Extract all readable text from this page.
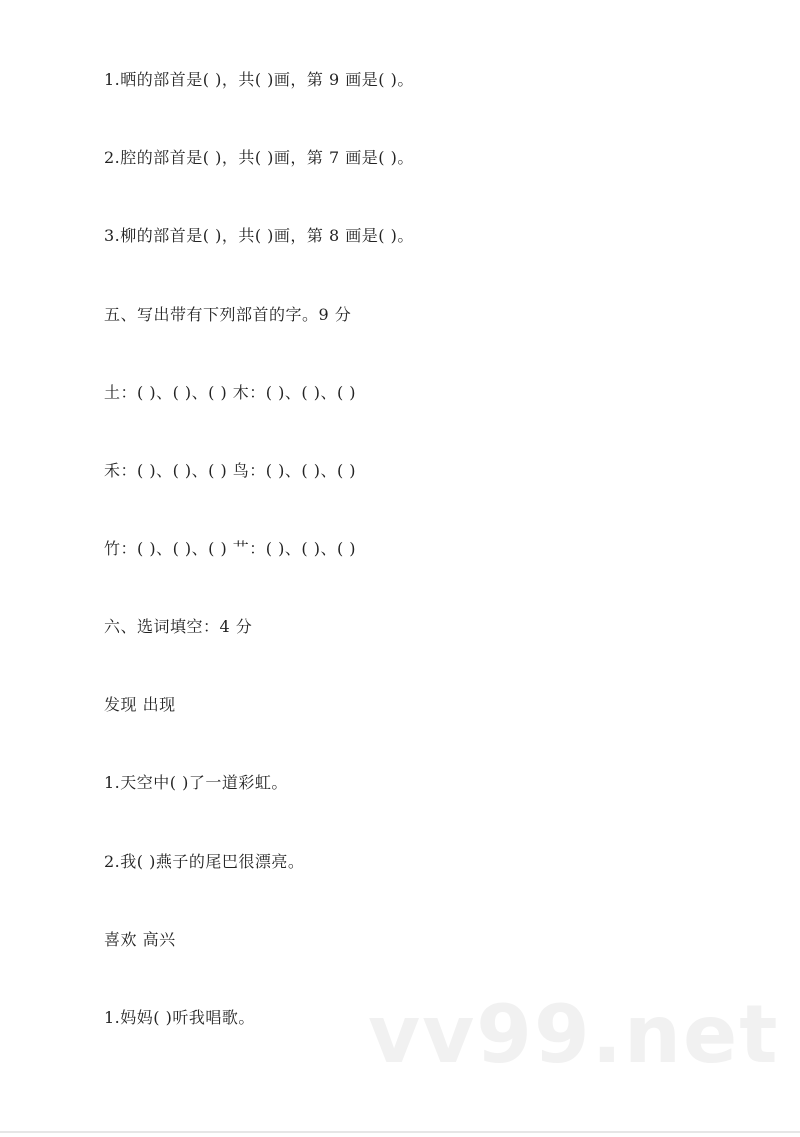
1.晒的部首是( )，共( )画，第 9 画是( )。
2.腔的部首是( )，共( )画，第 7 画是( )。
3.柳的部首是( )，共( )画，第 8 画是( )。
五、写出带有下列部首的字。9 分
土：( )、( )、( ) 木：( )、( )、( )
禾：( )、( )、( ) 鸟：( )、( )、( )
竹：( )、( )、( ) 艹：( )、( )、( )
六、选词填空：4 分
发现 出现
1.天空中( )了一道彩虹。
2.我( )燕子的尾巴很漂亮。
喜欢 高兴
1.妈妈( )听我唱歌。 vv99.net
